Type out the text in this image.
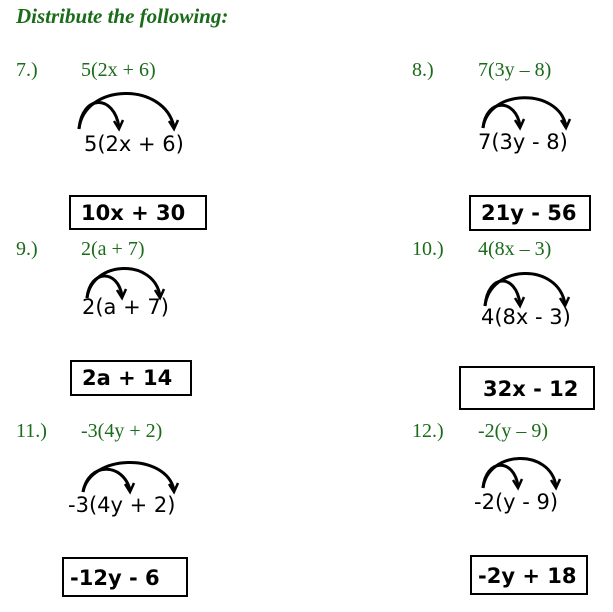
Distribute the following:
7.) 5(2x + 6)
5(2x + 6)
10x + 30
8.) 7(3y – 8)
7(3y - 8)
21y - 56
9.) 2(a + 7)
2(a + 7)
2a + 14
10.) 4(8x – 3)
4(8x - 3)
32x - 12
11.) -3(4y + 2)
-3(4y + 2)
-12y - 6
12.) -2(y – 9)
-2(y - 9)
-2y + 18
